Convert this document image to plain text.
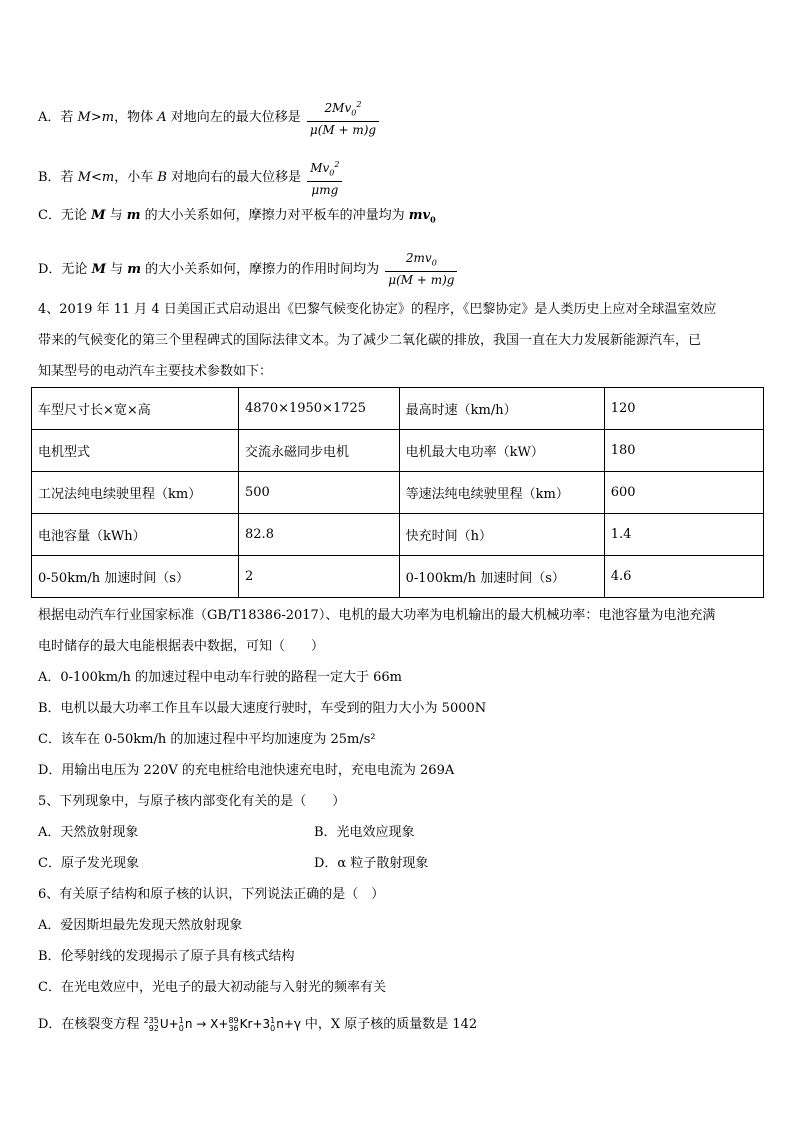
A．若 M>m，物体 A 对地向左的最大位移是 $\frac{2Mv_0^2}{\mu(M + m)g}$
B．若 M<m，小车 B 对地向右的最大位移是 $\frac{Mv_0^2}{\text{μmg}}$
C．无论 M 与 m 的大小关系如何，摩擦力对平板车的冲量均为 $mv_0$
D．无论 M 与 m 的大小关系如何，摩擦力的作用时间均为 $\frac{2mv_0}{\mu(M + m)g}$
4、2019 年 11 月 4 日美国正式启动退出《巴黎气候变化协定》的程序，《巴黎协定》是人类历史上应对全球温室效应
带来的气候变化的第三个里程碑式的国际法律文本。为了减少二氧化碳的排放，我国一直在大力发展新能源汽车，已
知某型号的电动汽车主要技术参数如下：
车型尺寸长×宽×高	4870×1950×1725	最高时速（km/h）	120
电机型式	交流永磁同步电机	电机最大电功率（kW）	180
工况法纯电续驶里程（km）	500	等速法纯电续驶里程（km）	600
电池容量（kWh）	82.8	快充时间（h）	1.4
0-50km/h 加速时间（s）	2	0-100km/h 加速时间（s）	4.6
根据电动汽车行业国家标准（GB/T18386-2017）、电机的最大功率为电机输出的最大机械功率：电池容量为电池充满
电时储存的最大电能根据表中数据，可知（　　）
A．0-100km/h 的加速过程中电动车行驶的路程一定大于 66m
B．电机以最大功率工作且车以最大速度行驶时，车受到的阻力大小为 5000N
C．该车在 0-50km/h 的加速过程中平均加速度为 25m/s²
D．用输出电压为 220V 的充电桩给电池快速充电时，充电电流为 269A
5、下列现象中，与原子核内部变化有关的是（　　）
A．天然放射现象	B．光电效应现象
C．原子发光现象	D．α 粒子散射现象
6、有关原子结构和原子核的认识，下列说法正确的是（　）
A．爱因斯坦最先发现天然放射现象
B．伦琴射线的发现揭示了原子具有核式结构
C．在光电效应中，光电子的最大初动能与入射光的频率有关
D．在核裂变方程 235
92 U+ 1
0 n → X+ 89
36 Kr+3 1
0 n+γ 中，X 原子核的质量数是 142
